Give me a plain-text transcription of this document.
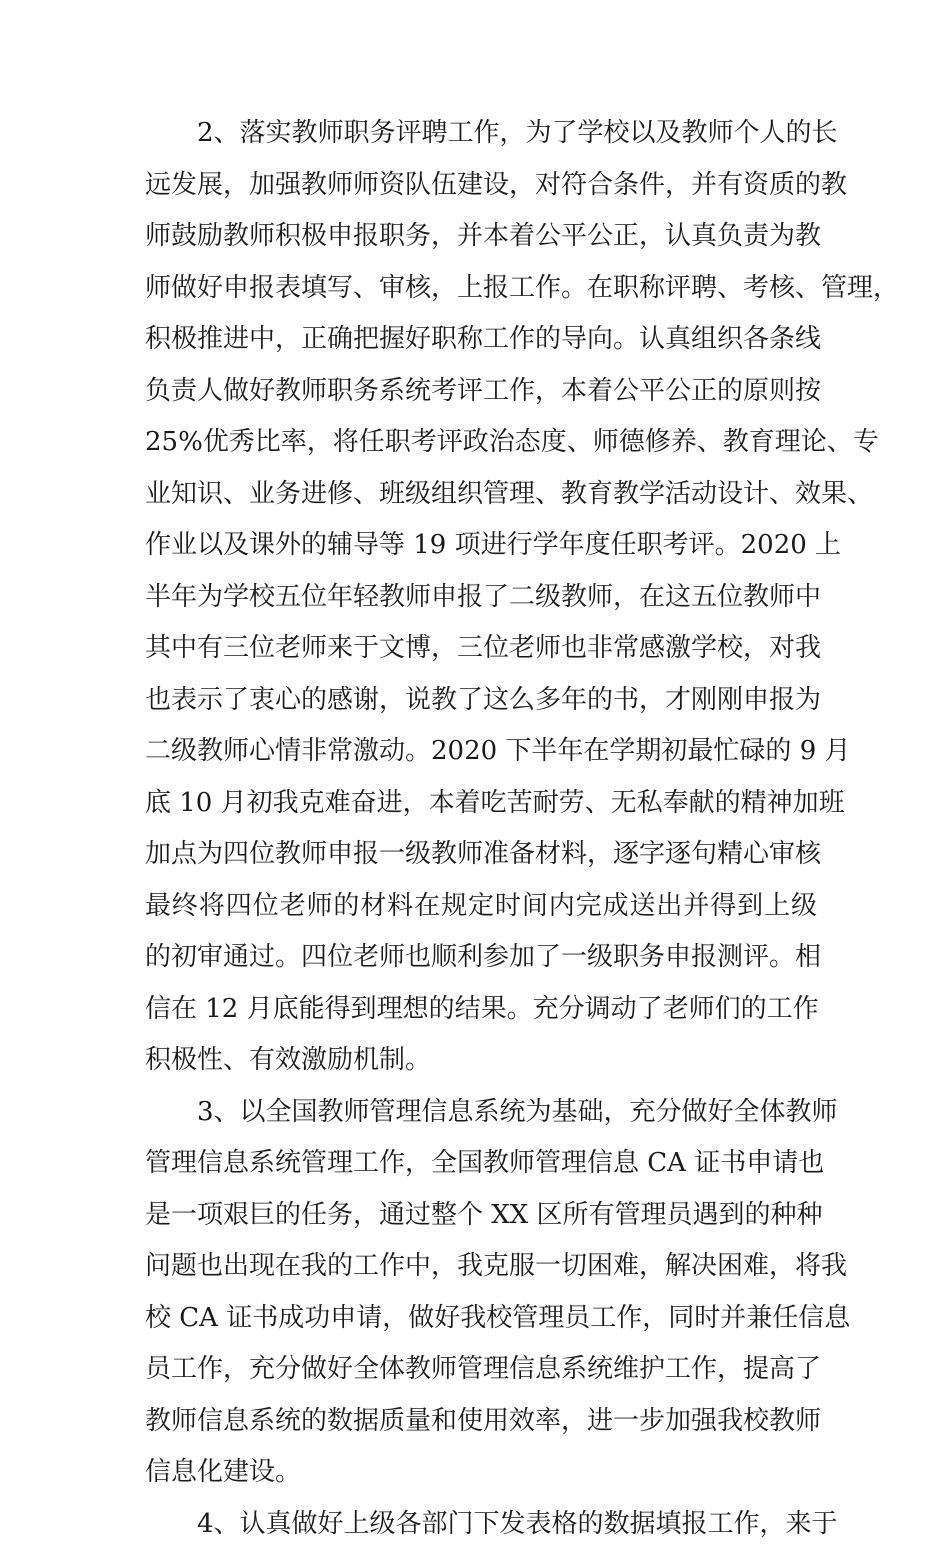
2、落实教师职务评聘工作，为了学校以及教师个人的长
远发展，加强教师师资队伍建设，对符合条件，并有资质的教
师鼓励教师积极申报职务，并本着公平公正，认真负责为教
师做好申报表填写、审核，上报工作。在职称评聘、考核、管理，
积极推进中，正确把握好职称工作的导向。认真组织各条线
负责人做好教师职务系统考评工作，本着公平公正的原则按
25%优秀比率，将任职考评政治态度、师德修养、教育理论、专
业知识、业务进修、班级组织管理、教育教学活动设计、效果、
作业以及课外的辅导等 19 项进行学年度任职考评。2020 上
半年为学校五位年轻教师申报了二级教师，在这五位教师中
其中有三位老师来于文博，三位老师也非常感激学校，对我
也表示了衷心的感谢，说教了这么多年的书，才刚刚申报为
二级教师心情非常激动。2020 下半年在学期初最忙碌的 9 月
底 10 月初我克难奋进，本着吃苦耐劳、无私奉献的精神加班
加点为四位教师申报一级教师准备材料，逐字逐句精心审核
最终将四位老师的材料在规定时间内完成送出并得到上级
的初审通过。四位老师也顺利参加了一级职务申报测评。相
信在 12 月底能得到理想的结果。充分调动了老师们的工作
积极性、有效激励机制。
3、以全国教师管理信息系统为基础，充分做好全体教师
管理信息系统管理工作，全国教师管理信息 CA 证书申请也
是一项艰巨的任务，通过整个 XX 区所有管理员遇到的种种
问题也出现在我的工作中，我克服一切困难，解决困难，将我
校 CA 证书成功申请，做好我校管理员工作，同时并兼任信息
员工作，充分做好全体教师管理信息系统维护工作，提高了
教师信息系统的数据质量和使用效率，进一步加强我校教师
信息化建设。
4、认真做好上级各部门下发表格的数据填报工作，来于
